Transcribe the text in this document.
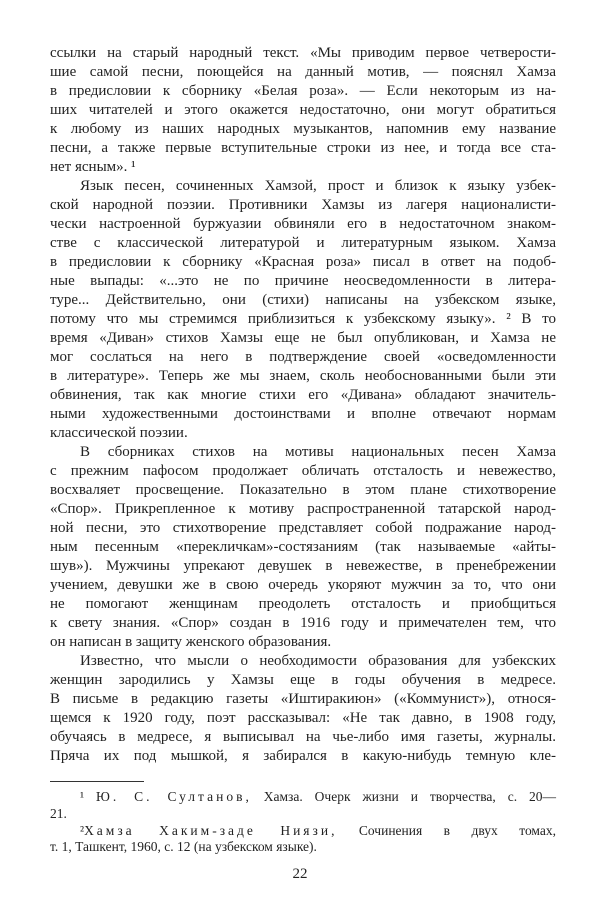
ссылки на старый народный текст. «Мы приводим первое четверости-
шие самой песни, поющейся на данный мотив, — пояснял Хамза
в предисловии к сборнику «Белая роза». — Если некоторым из на-
ших читателей и этого окажется недостаточно, они могут обратиться
к любому из наших народных музыкантов, напомнив ему название
песни, а также первые вступительные строки из нее, и тогда все ста-
нет ясным». ¹
Язык песен, сочиненных Хамзой, прост и близок к языку узбек-
ской народной поэзии. Противники Хамзы из лагеря националисти-
чески настроенной буржуазии обвиняли его в недостаточном знаком-
стве с классической литературой и литературным языком. Хамза
в предисловии к сборнику «Красная роза» писал в ответ на подоб-
ные выпады: «...это не по причине неосведомленности в литера-
туре... Действительно, они (стихи) написаны на узбекском языке,
потому что мы стремимся приблизиться к узбекскому языку». ² В то
время «Диван» стихов Хамзы еще не был опубликован, и Хамза не
мог сослаться на него в подтверждение своей «осведомленности
в литературе». Теперь же мы знаем, сколь необоснованными были эти
обвинения, так как многие стихи его «Дивана» обладают значитель-
ными художественными достоинствами и вполне отвечают нормам
классической поэзии.
В сборниках стихов на мотивы национальных песен Хамза
с прежним пафосом продолжает обличать отсталость и невежество,
восхваляет просвещение. Показательно в этом плане стихотворение
«Спор». Прикрепленное к мотиву распространенной татарской народ-
ной песни, это стихотворение представляет собой подражание народ-
ным песенным «перекличкам»-состязаниям (так называемые «айты-
шув»). Мужчины упрекают девушек в невежестве, в пренебрежении
учением, девушки же в свою очередь укоряют мужчин за то, что они
не помогают женщинам преодолеть отсталость и приобщиться
к свету знания. «Спор» создан в 1916 году и примечателен тем, что
он написан в защиту женского образования.
Известно, что мысли о необходимости образования для узбекских
женщин зародились у Хамзы еще в годы обучения в медресе.
В письме в редакцию газеты «Иштиракиюн» («Коммунист»), относя-
щемся к 1920 году, поэт рассказывал: «Не так давно, в 1908 году,
обучаясь в медресе, я выписывал на чье-либо имя газеты, журналы.
Пряча их под мышкой, я забирался в какую-нибудь темную кле-
¹ Ю. С. Султанов, Хамза. Очерк жизни и творчества, с. 20—
21.
²Хамза Хаким-заде Ниязи, Сочинения в двух томах,
т. 1, Ташкент, 1960, с. 12 (на узбекском языке).
22
